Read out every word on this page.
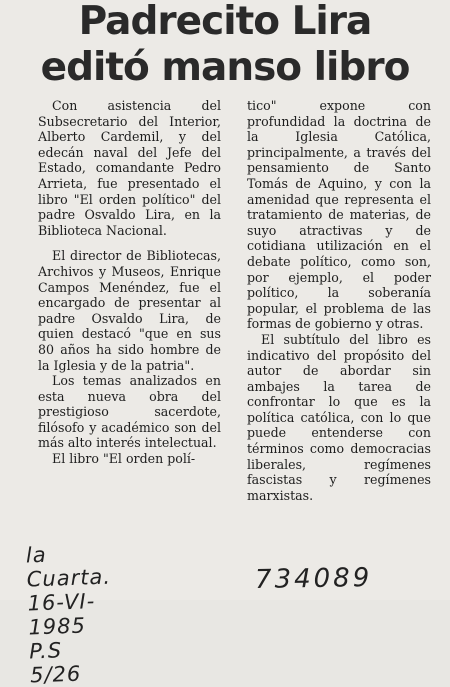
Padrecito Lira
editó manso libro

Con asistencia del Subsecretario del Interior, Alberto Cardemil, y del edecán naval del Jefe del Estado, comandante Pedro Arrieta, fue presentado el libro "El orden político" del padre Osvaldo Lira, en la Biblioteca Nacional.

El director de Bibliotecas, Archivos y Museos, Enrique Campos Menéndez, fue el encargado de presentar al padre Osvaldo Lira, de quien destacó "que en sus 80 años ha sido hombre de la Iglesia y de la patria".

Los temas analizados en esta nueva obra del prestigioso sacerdote, filósofo y académico son del más alto interés intelectual.

El libro "El orden polí-

tico" expone con profundidad la doctrina de la Iglesia Católica, principalmente, a través del pensamiento de Santo Tomás de Aquino, y con la amenidad que representa el tratamiento de materias, de suyo atractivas y de cotidiana utilización en el debate político, como son, por ejemplo, el poder político, la soberanía popular, el problema de las formas de gobierno y otras.

El subtítulo del libro es indicativo del propósito del autor de abordar sin ambajes la tarea de confrontar lo que es la política católica, con lo que puede entenderse con términos como democracias liberales, regímenes fascistas y regímenes marxistas.

la Cuarta. 16-VI-1985 P.S 5/26
734089
